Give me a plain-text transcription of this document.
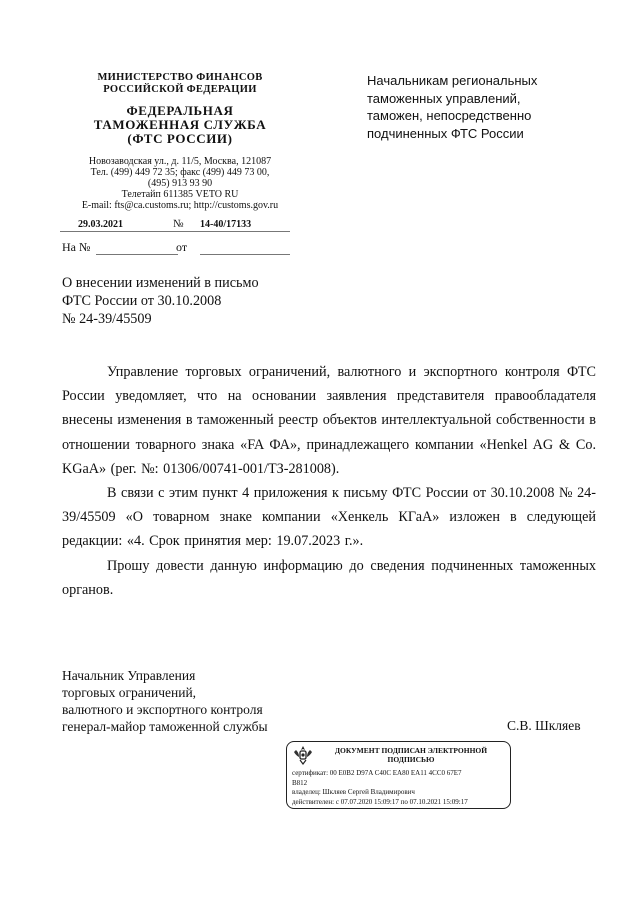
МИНИСТЕРСТВО ФИНАНСОВ
РОССИЙСКОЙ ФЕДЕРАЦИИ
ФЕДЕРАЛЬНАЯ
ТАМОЖЕННАЯ СЛУЖБА
(ФТС РОССИИ)
Новозаводская ул., д. 11/5, Москва, 121087
Тел. (499) 449 72 35; факс (499) 449 73 00,
(495) 913 93 90
Телетайп 611385 VETO RU
E-mail: fts@ca.customs.ru; http://customs.gov.ru
29.03.2021	№ 14-40/17133
На №	от
Начальникам региональных
таможенных управлений,
таможен, непосредственно
подчиненных ФТС России
О внесении изменений в письмо
ФТС России от 30.10.2008
№ 24-39/45509

Управление торговых ограничений, валютного и экспортного контроля ФТС России уведомляет, что на основании заявления представителя правообладателя внесены изменения в таможенный реестр объектов интеллектуальной собственности в отношении товарного знака «FA ФА», принадлежащего компании «Henkel AG & Co. KGaA» (рег. №: 01306/00741-001/ТЗ-281008).

В связи с этим пункт 4 приложения к письму ФТС России от 30.10.2008 № 24-39/45509 «О товарном знаке компании «Хенкель КГаА» изложен в следующей редакции: «4. Срок принятия мер: 19.07.2023 г.».

Прошу довести данную информацию до сведения подчиненных таможенных органов.

Начальник Управления
торговых ограничений,
валютного и экспортного контроля
генерал-майор таможенной службы	С.В. Шкляев
ДОКУМЕНТ ПОДПИСАН ЭЛЕКТРОННОЙ
ПОДПИСЬЮ
сертификат: 00 E0B2 D97A C40C EA80 EA11 4CC0 67E7
B812
владелец: Шкляев Сергей Владимирович
действителен: с 07.07.2020 15:09:17 по 07.10.2021 15:09:17
